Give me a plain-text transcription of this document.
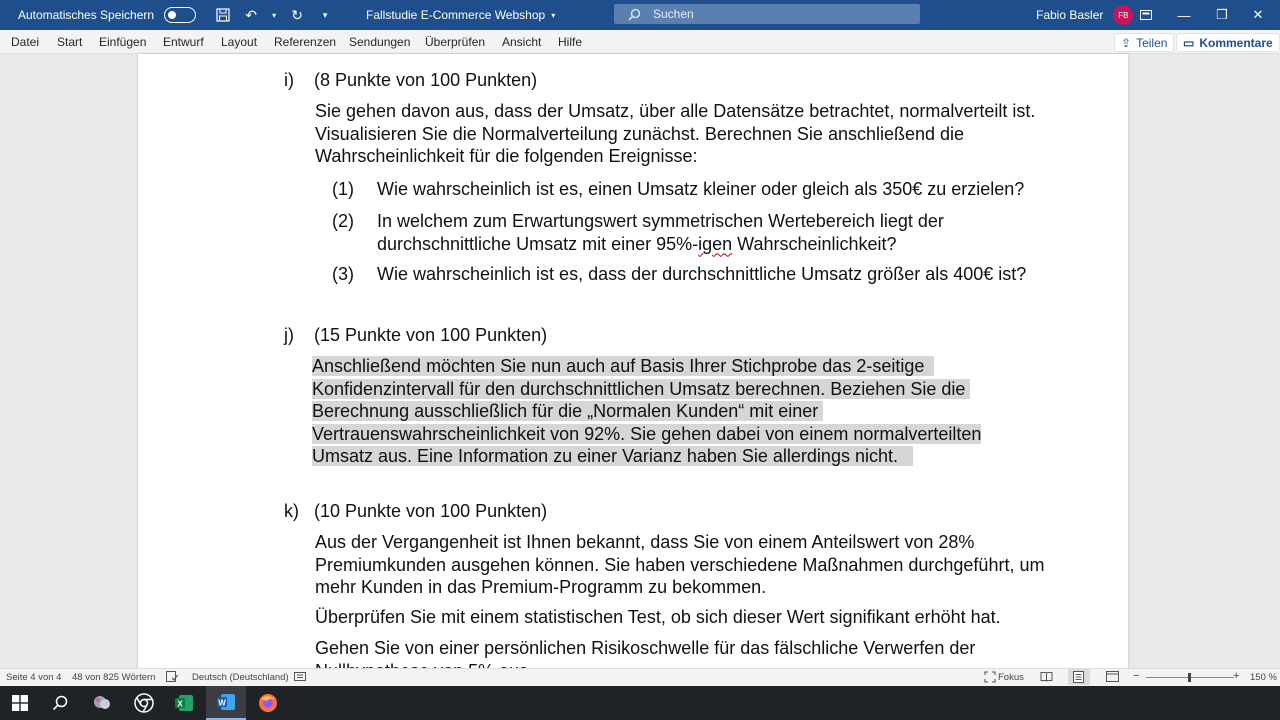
Automatisches Speichern	↶	▾ ↻	▾	Fallstudie E-Commerce Webshop ▾	Suchen	Fabio Basler	FB	—	❐	✕
Datei Start Einfügen Entwurf Layout Referenzen Sendungen Überprüfen Ansicht Hilfe	⇪ Teilen ▭ Kommentare
i) (8 Punkte von 100 Punkten)
Sie gehen davon aus, dass der Umsatz, über alle Datensätze betrachtet, normalverteilt ist.
Visualisieren Sie die Normalverteilung zunächst. Berechnen Sie anschließend die
Wahrscheinlichkeit für die folgenden Ereignisse:
(1) Wie wahrscheinlich ist es, einen Umsatz kleiner oder gleich als 350€ zu erzielen?
(2) In welchem zum Erwartungswert symmetrischen Wertebereich liegt der
durchschnittliche Umsatz mit einer 95%-igen Wahrscheinlichkeit?
(3) Wie wahrscheinlich ist es, dass der durchschnittliche Umsatz größer als 400€ ist?
j) (15 Punkte von 100 Punkten)
Anschließend möchten Sie nun auch auf Basis Ihrer Stichprobe das 2-seitige
Konfidenzintervall für den durchschnittlichen Umsatz berechnen. Beziehen Sie die
Berechnung ausschließlich für die „Normalen Kunden“ mit einer
Vertrauenswahrscheinlichkeit von 92%. Sie gehen dabei von einem normalverteilten
Umsatz aus. Eine Information zu einer Varianz haben Sie allerdings nicht.
k) (10 Punkte von 100 Punkten)
Aus der Vergangenheit ist Ihnen bekannt, dass Sie von einem Anteilswert von 28%
Premiumkunden ausgehen können. Sie haben verschiedene Maßnahmen durchgeführt, um
mehr Kunden in das Premium-Programm zu bekommen.
Überprüfen Sie mit einem statistischen Test, ob sich dieser Wert signifikant erhöht hat.
Gehen Sie von einer persönlichen Risikoschwelle für das fälschliche Verwerfen der
Seite 4 von 4 48 von 825 Wörtern	Deutsch (Deutschland)	Fokus	−	+ 150 %
X	W
